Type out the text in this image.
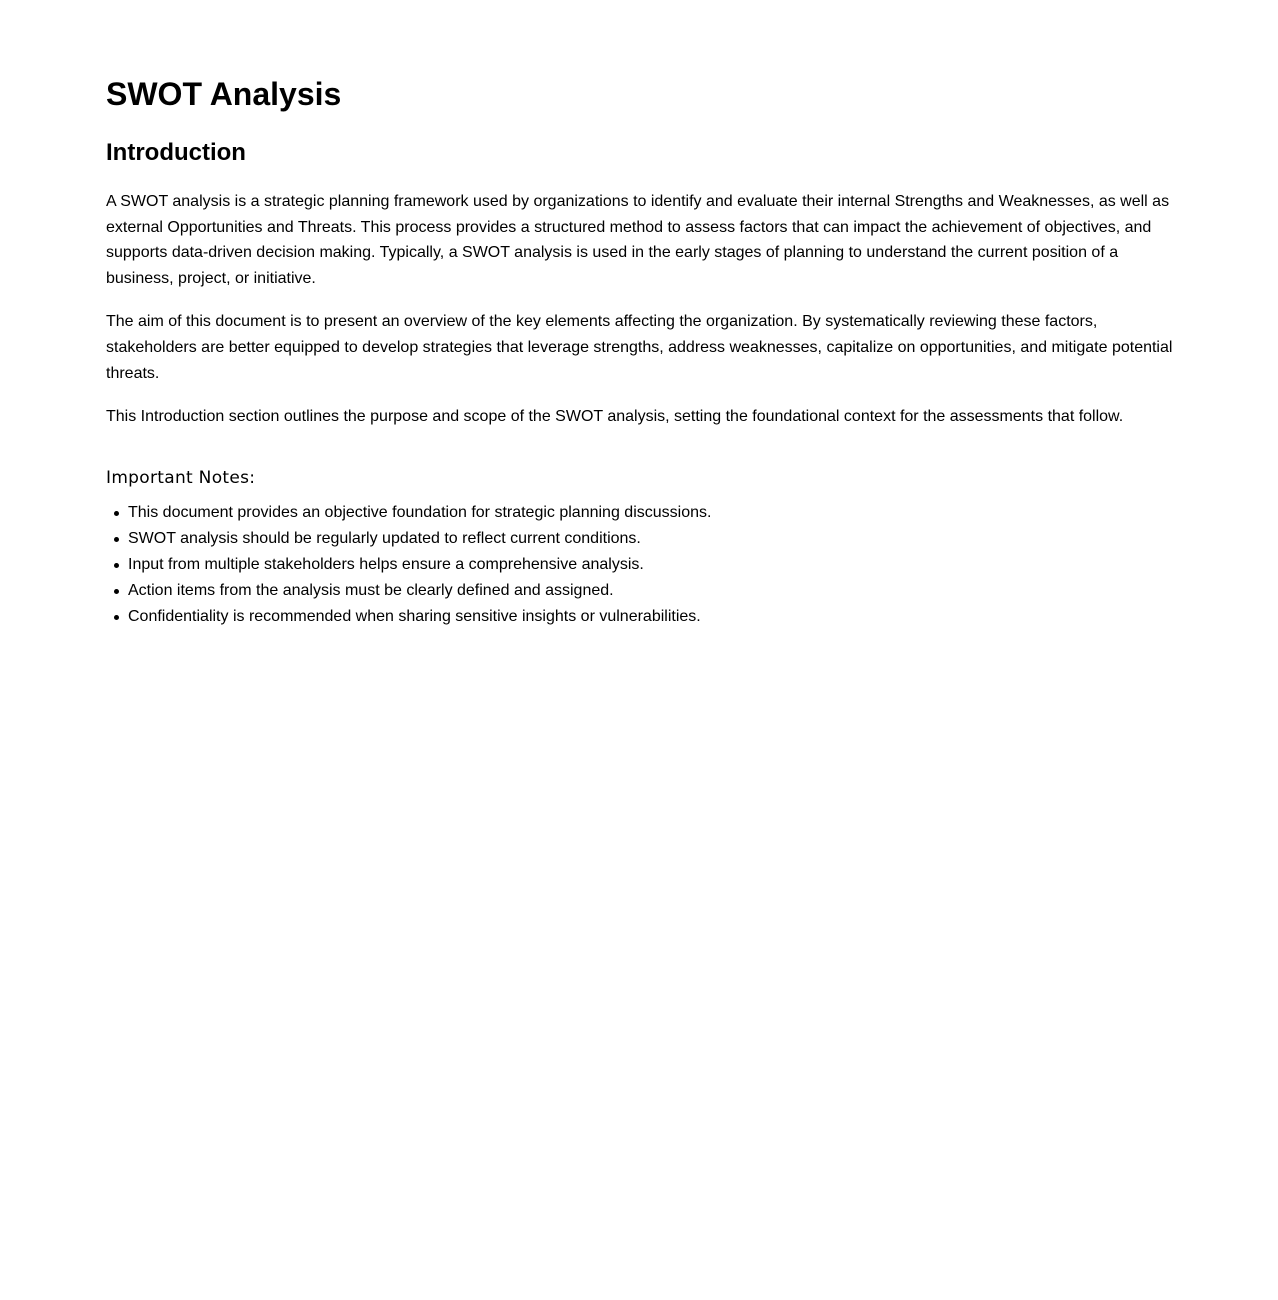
SWOT Analysis
Introduction

A SWOT analysis is a strategic planning framework used by organizations to identify and evaluate their internal Strengths and Weaknesses, as well as external Opportunities and Threats. This process provides a structured method to assess factors that can impact the achievement of objectives, and supports data-driven decision making. Typically, a SWOT analysis is used in the early stages of planning to understand the current position of a business, project, or initiative.

The aim of this document is to present an overview of the key elements affecting the organization. By systematically reviewing these factors, stakeholders are better equipped to develop strategies that leverage strengths, address weaknesses, capitalize on opportunities, and mitigate potential threats.

This Introduction section outlines the purpose and scope of the SWOT analysis, setting the foundational context for the assessments that follow.

Important Notes:
This document provides an objective foundation for strategic planning discussions.
SWOT analysis should be regularly updated to reflect current conditions.
Input from multiple stakeholders helps ensure a comprehensive analysis.
Action items from the analysis must be clearly defined and assigned.
Confidentiality is recommended when sharing sensitive insights or vulnerabilities.
